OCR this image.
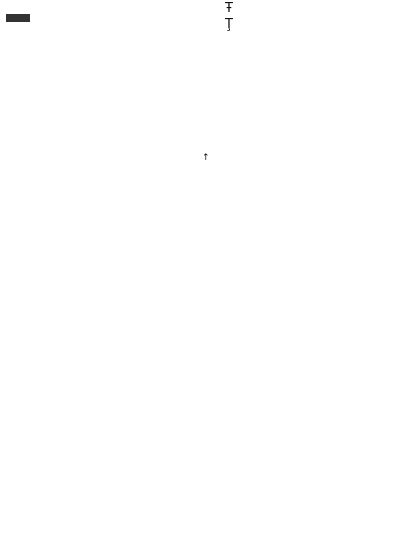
Ŧ
Ţ
↑
